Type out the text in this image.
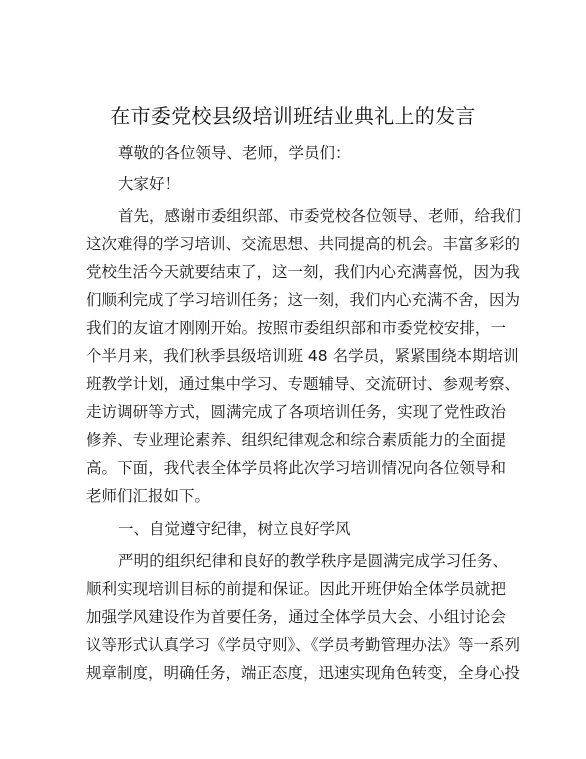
在市委党校县级培训班结业典礼上的发言
尊敬的各位领导、老师，学员们：
大家好！
首先，感谢市委组织部、市委党校各位领导、老师，给我们
这次难得的学习培训、交流思想、共同提高的机会。丰富多彩的
党校生活今天就要结束了，这一刻，我们内心充满喜悦，因为我
们顺利完成了学习培训任务；这一刻，我们内心充满不舍，因为
我们的友谊才刚刚开始。按照市委组织部和市委党校安排，一
个半月来，我们秋季县级培训班 48 名学员，紧紧围绕本期培训
班教学计划，通过集中学习、专题辅导、交流研讨、参观考察、
走访调研等方式，圆满完成了各项培训任务，实现了党性政治
修养、专业理论素养、组织纪律观念和综合素质能力的全面提
高。下面，我代表全体学员将此次学习培训情况向各位领导和
老师们汇报如下。
一、自觉遵守纪律，树立良好学风
严明的组织纪律和良好的教学秩序是圆满完成学习任务、
顺利实现培训目标的前提和保证。因此开班伊始全体学员就把
加强学风建设作为首要任务，通过全体学员大会、小组讨论会
议等形式认真学习《学员守则》、《学员考勤管理办法》等一系列
规章制度，明确任务，端正态度，迅速实现角色转变，全身心投
